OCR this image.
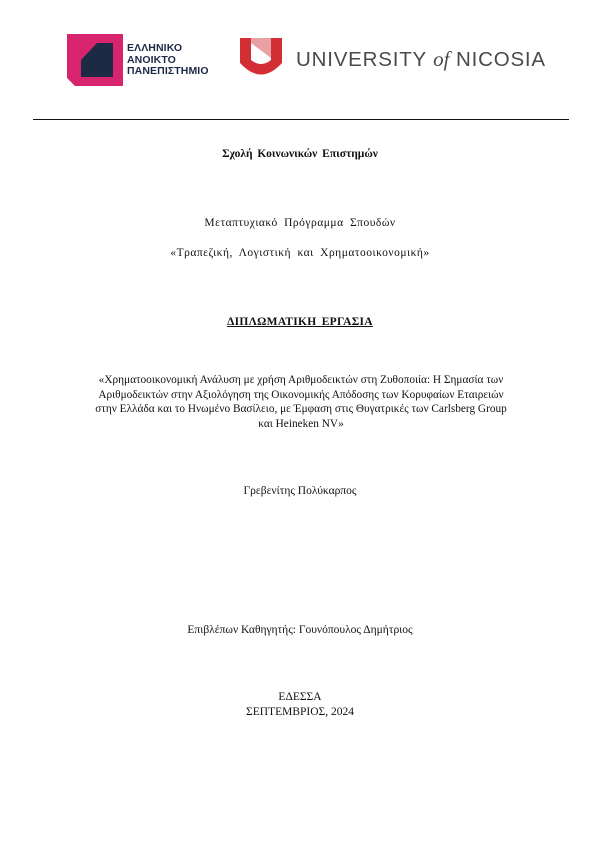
ΕΛΛΗΝΙΚΟ
ΑΝΟΙΚΤΟ
ΠΑΝΕΠΙΣΤΗΜΙΟ	UNIVERSITY of NICOSIA
Σχολή Κοινωνικών Επιστημών
Μεταπτυχιακό Πρόγραμμα Σπουδών
«Τραπεζική, Λογιστική και Χρηματοοικονομική»
ΔΙΠΛΩΜΑΤΙΚΗ ΕΡΓΑΣΙΑ
«Χρηματοοικονομική Ανάλυση με χρήση Αριθμοδεικτών στη Ζυθοποιία: Η Σημασία των
Αριθμοδεικτών στην Αξιολόγηση της Οικονομικής Απόδοσης των Κορυφαίων Εταιρειών
στην Ελλάδα και το Ηνωμένο Βασίλειο, με Έμφαση στις Θυγατρικές των Carlsberg Group
και Heineken NV»
Γρεβενίτης Πολύκαρπος
Επιβλέπων Καθηγητής: Γουνόπουλος Δημήτριος
ΕΔΕΣΣΑ
ΣΕΠΤΕΜΒΡΙΟΣ, 2024
